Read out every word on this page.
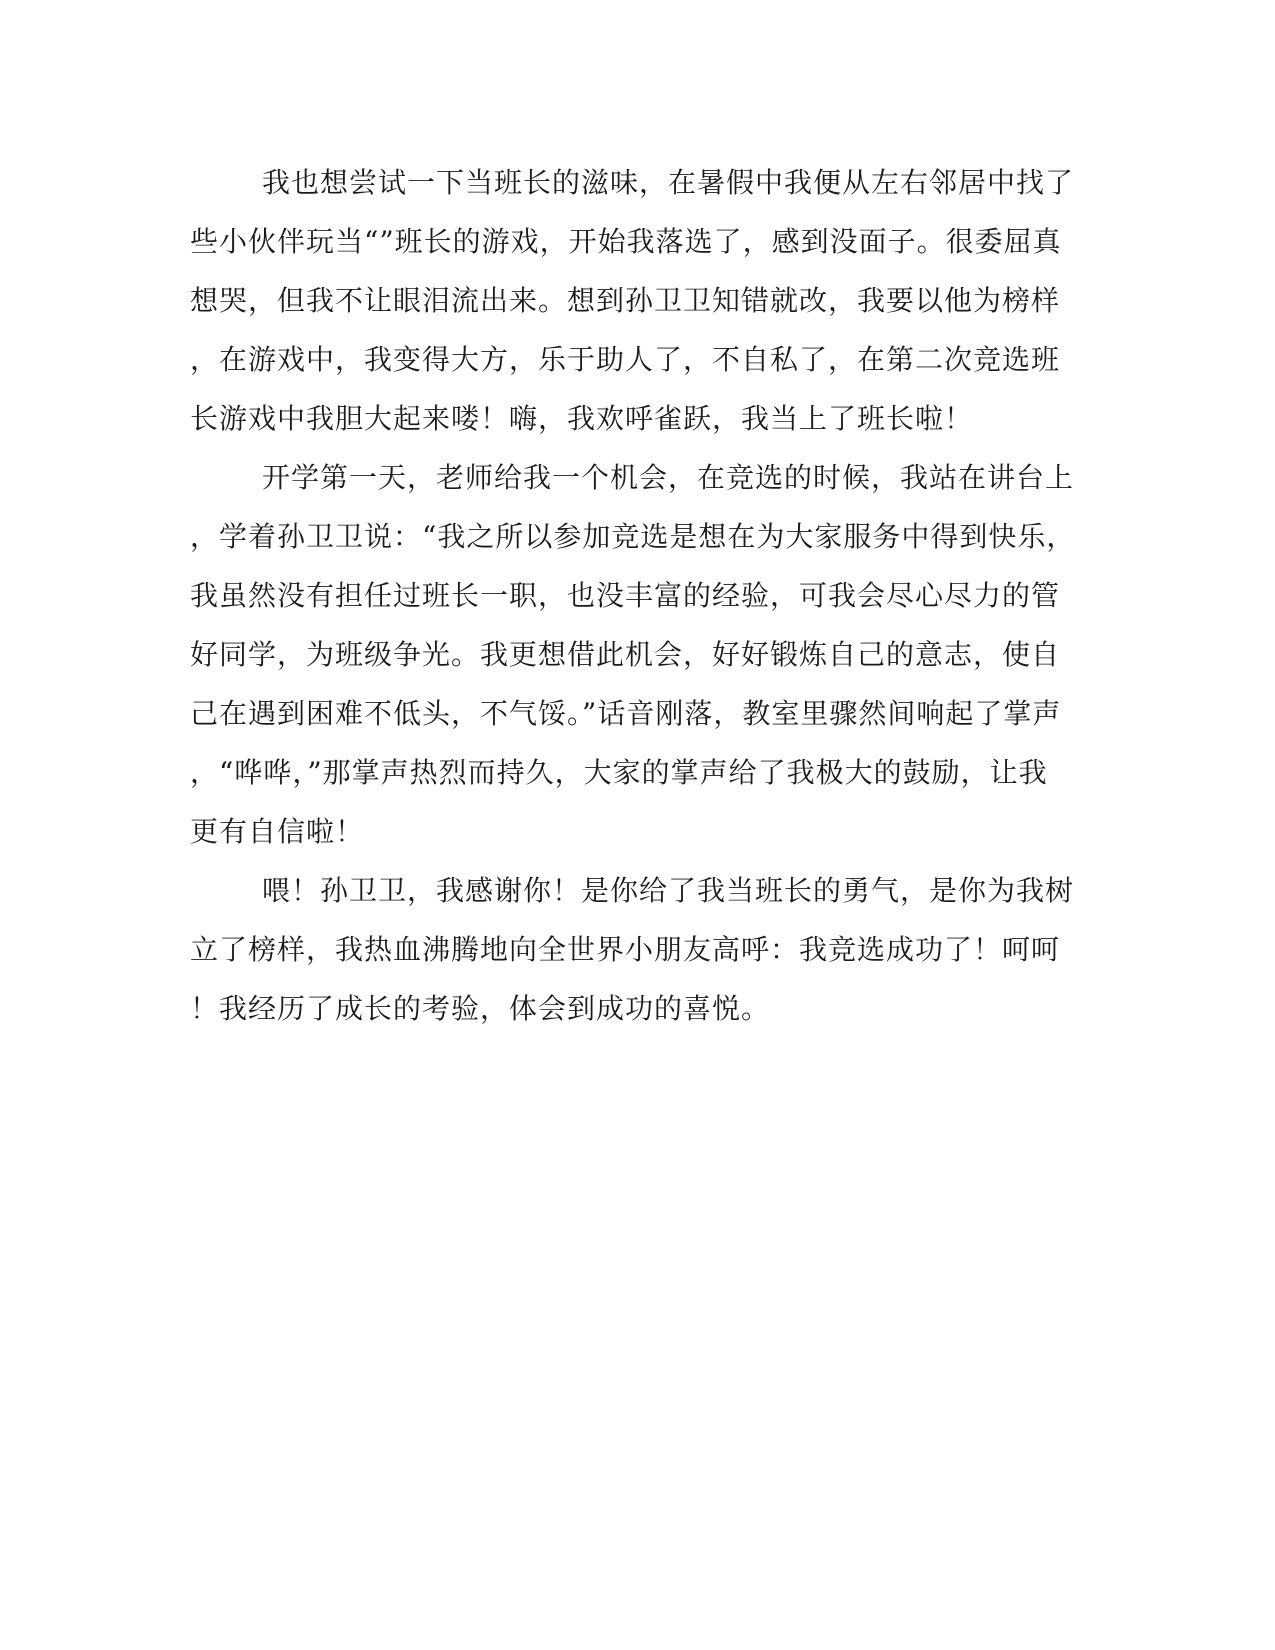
我也想尝试一下当班长的滋味，在暑假中我便从左右邻居中找了
些小伙伴玩当“”班长的游戏，开始我落选了，感到没面子。很委屈真
想哭，但我不让眼泪流出来。想到孙卫卫知错就改，我要以他为榜样
，在游戏中，我变得大方，乐于助人了，不自私了，在第二次竞选班
长游戏中我胆大起来喽！嗨，我欢呼雀跃，我当上了班长啦！
开学第一天，老师给我一个机会，在竞选的时候，我站在讲台上
，学着孙卫卫说：“我之所以参加竞选是想在为大家服务中得到快乐，
我虽然没有担任过班长一职，也没丰富的经验，可我会尽心尽力的管
好同学，为班级争光。我更想借此机会，好好锻炼自己的意志，使自
己在遇到困难不低头，不气馁。”话音刚落，教室里骤然间响起了掌声
，“哗哗，”那掌声热烈而持久，大家的掌声给了我极大的鼓励，让我
更有自信啦！
喂！孙卫卫，我感谢你！是你给了我当班长的勇气，是你为我树
立了榜样，我热血沸腾地向全世界小朋友高呼：我竞选成功了！呵呵
！我经历了成长的考验，体会到成功的喜悦。
